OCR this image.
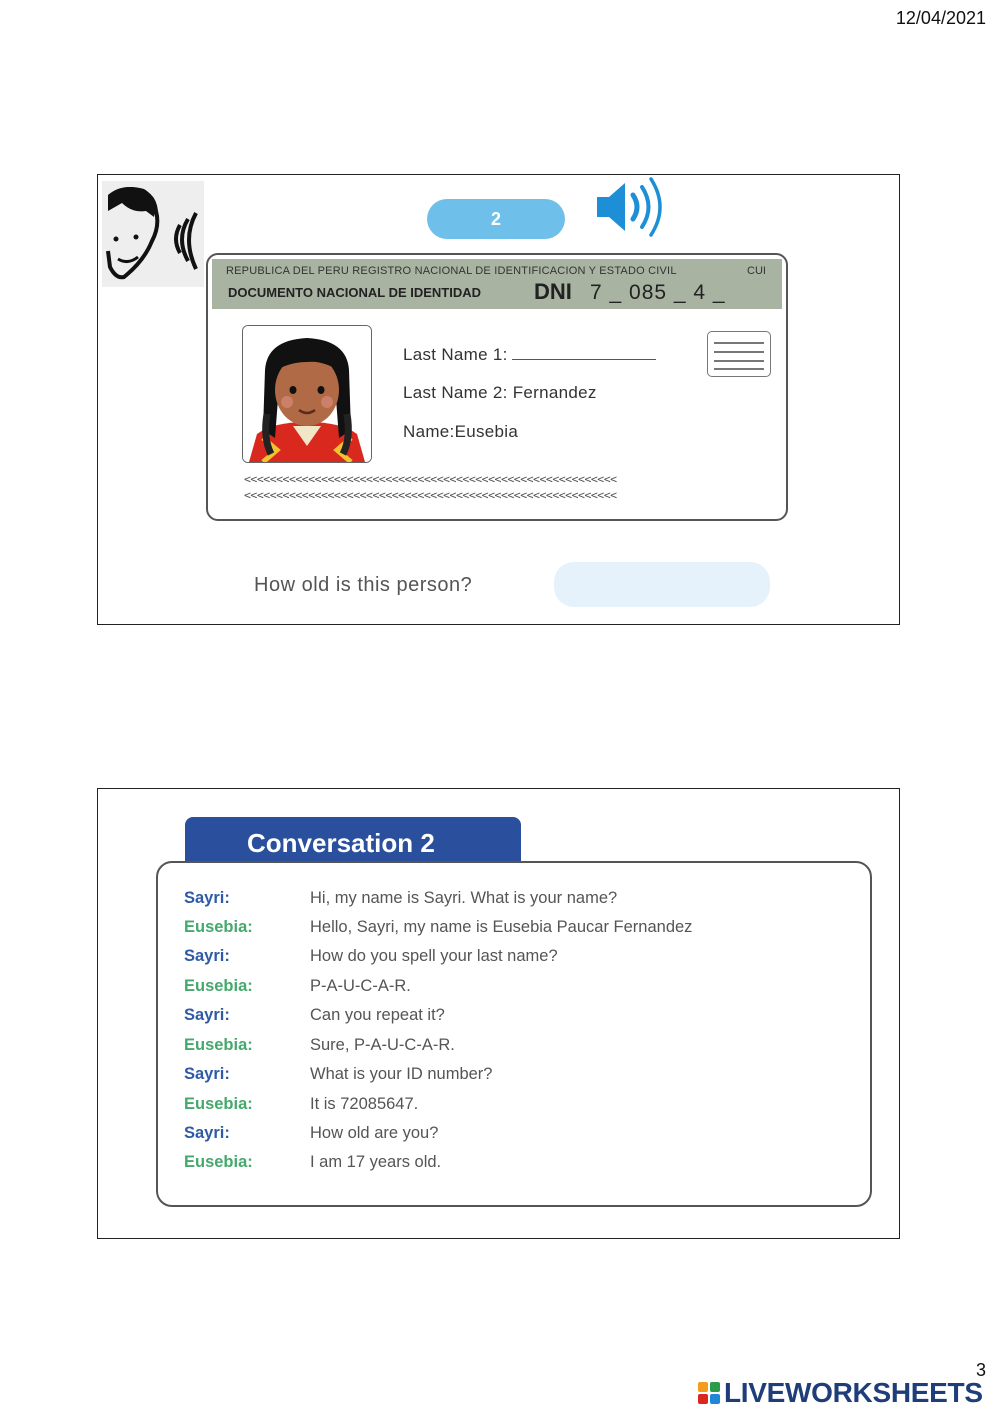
12/04/2021
2
REPUBLICA DEL PERU REGISTRO NACIONAL DE IDENTIFICACION Y ESTADO CIVIL	CUI
DOCUMENTO NACIONAL DE IDENTIDAD DNI 7 _ 085 _ 4 _
Last Name 1:
Last Name 2: Fernandez
Name:Eusebia
<<<<<<<<<<<<<<<<<<<<<<<<<<<<<<<<<<<<<<<<<<<<<<<<<<<<<<<<<<
<<<<<<<<<<<<<<<<<<<<<<<<<<<<<<<<<<<<<<<<<<<<<<<<<<<<<<<<<<
How old is this person?
Conversation 2
Sayri:	Hi, my name is Sayri. What is your name?
Eusebia:	Hello, Sayri, my name is Eusebia Paucar Fernandez
Sayri:	How do you spell your last name?
Eusebia:	P-A-U-C-A-R.
Sayri:	Can you repeat it?
Eusebia:	Sure, P-A-U-C-A-R.
Sayri:	What is your ID number?
Eusebia:	It is 72085647.
Sayri:	How old are you?
Eusebia:	I am 17 years old.
3
LIVEWORKSHEETS
